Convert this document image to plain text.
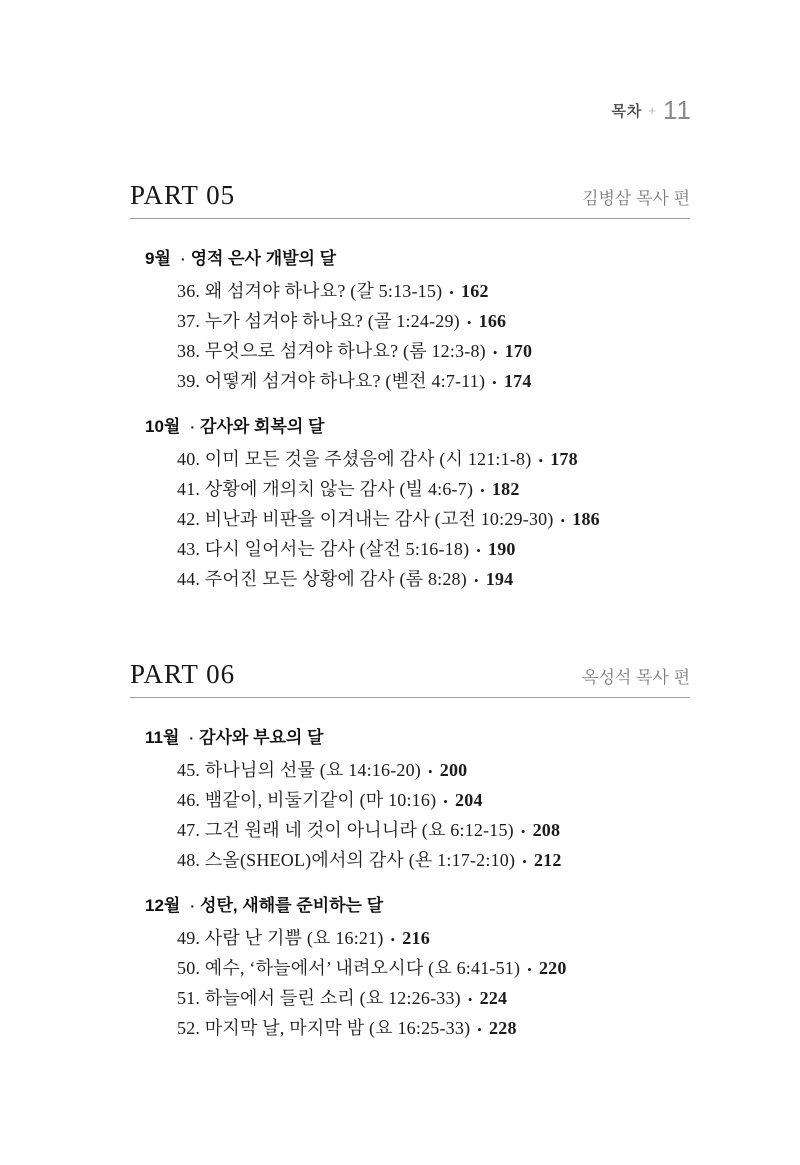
목차 + 11
PART 05	김병삼 목사 편
9월 · 영적 은사 개발의 달
36. 왜 섬겨야 하나요? (갈 5:13-15) • 162
37. 누가 섬겨야 하나요? (골 1:24-29) • 166
38. 무엇으로 섬겨야 하나요? (롬 12:3-8) • 170
39. 어떻게 섬겨야 하나요? (벧전 4:7-11) • 174
10월 · 감사와 회복의 달
40. 이미 모든 것을 주셨음에 감사 (시 121:1-8) • 178
41. 상황에 개의치 않는 감사 (빌 4:6-7) • 182
42. 비난과 비판을 이겨내는 감사 (고전 10:29-30) • 186
43. 다시 일어서는 감사 (살전 5:16-18) • 190
44. 주어진 모든 상황에 감사 (롬 8:28) • 194
PART 06	옥성석 목사 편
11월 · 감사와 부요의 달
45. 하나님의 선물 (요 14:16-20) • 200
46. 뱀같이, 비둘기같이 (마 10:16) • 204
47. 그건 원래 네 것이 아니니라 (요 6:12-15) • 208
48. 스올(SHEOL)에서의 감사 (욘 1:17-2:10) • 212
12월 · 성탄, 새해를 준비하는 달
49. 사람 난 기쁨 (요 16:21) • 216
50. 예수, ‘하늘에서’ 내려오시다 (요 6:41-51) • 220
51. 하늘에서 들린 소리 (요 12:26-33) • 224
52. 마지막 날, 마지막 밤 (요 16:25-33) • 228
